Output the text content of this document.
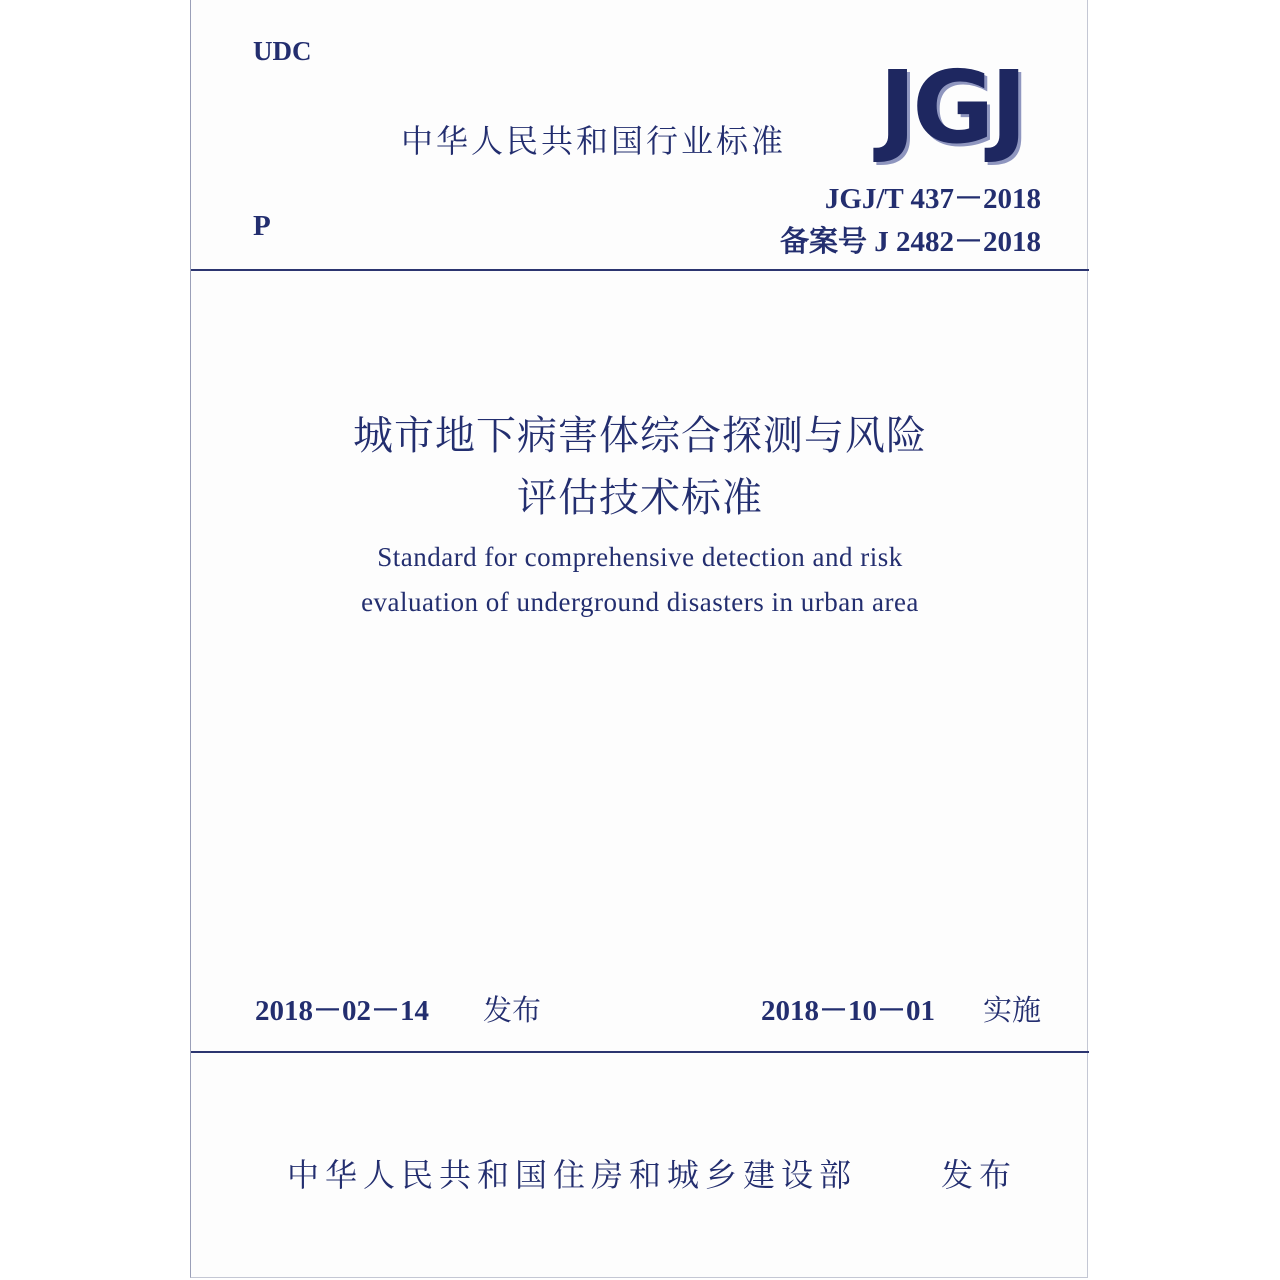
UDC
中华人民共和国行业标准 JGJ
P
JGJ/T 437－2018
备案号 J 2482－2018
城市地下病害体综合探测与风险
评估技术标准
Standard for comprehensive detection and risk
evaluation of underground disasters in urban area
2018－02－14 发布	2018－10－01 实施
中华人民共和国住房和城乡建设部	发布
